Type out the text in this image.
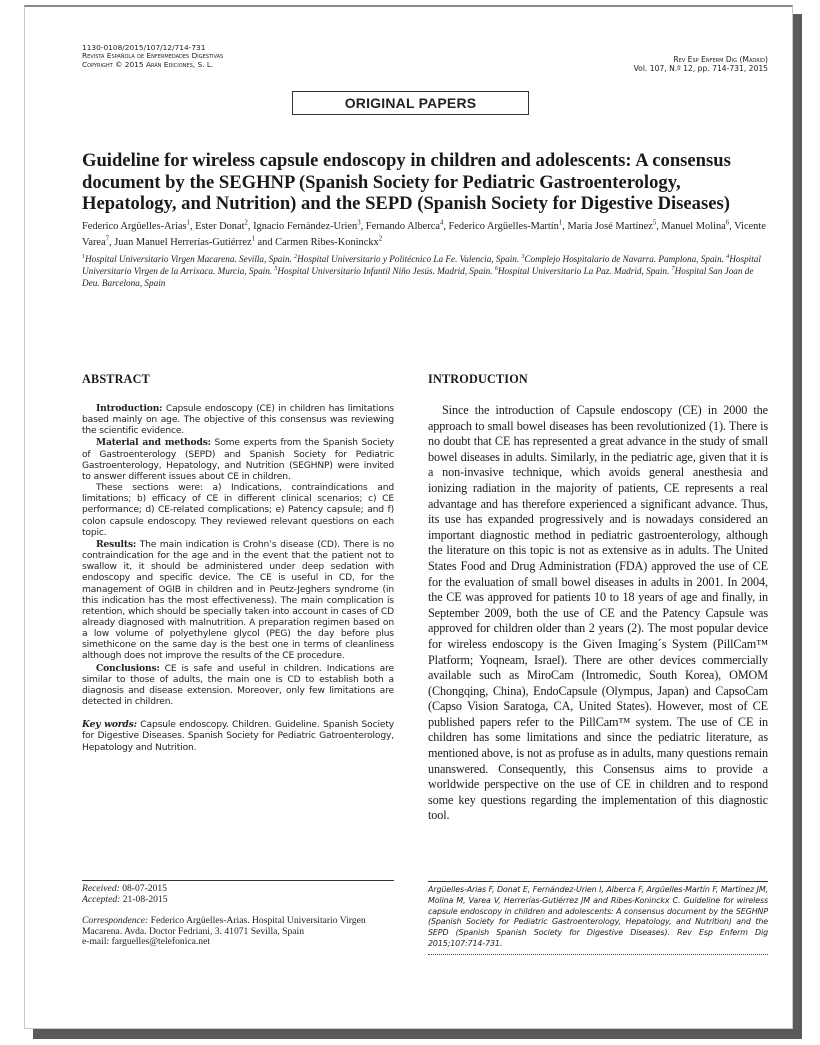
1130-0108/2015/107/12/714-731
Revista Española de Enfermedades Digestivas
Copyright © 2015 Arán Ediciones, S. L.
Rev Esp Enferm Dig (Madrid)
Vol. 107, N.º 12, pp. 714-731, 2015
ORIGINAL PAPERS
Guideline for wireless capsule endoscopy in children and adolescents: A consensus document by the SEGHNP (Spanish Society for Pediatric Gastroenterology, Hepatology, and Nutrition) and the SEPD (Spanish Society for Digestive Diseases)
Federico Argüelles-Arias$^1$, Ester Donat$^2$, Ignacio Fernández-Urien$^3$, Fernando Alberca$^4$, Federico Argüelles-Martín$^1$, María José Martínez$^5$, Manuel Molina$^6$, Vicente Varea$^7$, Juan Manuel Herrerías-Gutiérrez$^1$ and Carmen Ribes-Koninckx$^2$
$^1$Hospital Universitario Virgen Macarena. Sevilla, Spain. $^2$Hospital Universitario y Politécnico La Fe. Valencia, Spain. $^3$Complejo Hospitalario de Navarra. Pamplona, Spain. $^4$Hospital Universitario Virgen de la Arrixaca. Murcia, Spain. $^5$Hospital Universitario Infantil Niño Jesús. Madrid, Spain. $^6$Hospital Universitario La Paz. Madrid, Spain. $^7$Hospital San Joan de Deu. Barcelona, Spain
ABSTRACT

Introduction: Capsule endoscopy (CE) in children has limitations based mainly on age. The objective of this consensus was reviewing the scientific evidence.

Material and methods: Some experts from the Spanish Society of Gastroenterology (SEPD) and Spanish Society for Pediatric Gastroenterology, Hepatology, and Nutrition (SEGHNP) were invited to answer different issues about CE in children.

These sections were: a) Indications, contraindications and limitations; b) efficacy of CE in different clinical scenarios; c) CE performance; d) CE-related complications; e) Patency capsule; and f) colon capsule endoscopy. They reviewed relevant questions on each topic.

Results: The main indication is Crohn’s disease (CD). There is no contraindication for the age and in the event that the patient not to swallow it, it should be administered under deep sedation with endoscopy and specific device. The CE is useful in CD, for the management of OGIB in children and in Peutz-Jeghers syndrome (in this indication has the most effectiveness). The main complication is retention, which should be specially taken into account in cases of CD already diagnosed with malnutrition. A preparation regimen based on a low volume of polyethylene glycol (PEG) the day before plus simethicone on the same day is the best one in terms of cleanliness although does not improve the results of the CE procedure.

Conclusions: CE is safe and useful in children. Indications are similar to those of adults, the main one is CD to establish both a diagnosis and disease extension. Moreover, only few limitations are detected in children.

Key words: Capsule endoscopy. Children. Guideline. Spanish Society for Digestive Diseases. Spanish Society for Pediatric Gatroenterology, Hepatology and Nutrition.

INTRODUCTION

Since the introduction of Capsule endoscopy (CE) in 2000 the approach to small bowel diseases has been revolutionized (1). There is no doubt that CE has represented a great advance in the study of small bowel diseases in adults. Similarly, in the pediatric age, given that it is a non-invasive technique, which avoids general anesthesia and ionizing radiation in the majority of patients, CE represents a real advantage and has therefore experienced a significant advance. Thus, its use has expanded progressively and is nowadays considered an important diagnostic method in pediatric gastroenterology, although the literature on this topic is not as extensive as in adults. The United States Food and Drug Administration (FDA) approved the use of CE for the evaluation of small bowel diseases in adults in 2001. In 2004, the CE was approved for patients 10 to 18 years of age and finally, in September 2009, both the use of CE and the Patency Capsule was approved for children older than 2 years (2). The most popular device for wireless endoscopy is the Given Imaging´s System (PillCam™ Platform; Yoqneam, Israel). There are other devices commercially available such as MiroCam (Intromedic, South Korea), OMOM (Chongqing, China), EndoCapsule (Olympus, Japan) and CapsoCam (Capso Vision Saratoga, CA, United States). However, most of CE published papers refer to the PillCam™ system. The use of CE in children has some limitations and since the pediatric literature, as mentioned above, is not as profuse as in adults, many questions remain unanswered. Consequently, this Consensus aims to provide a worldwide perspective on the use of CE in children and to respond some key questions regarding the implementation of this diagnostic tool.

Received: 08-07-2015
Accepted: 21-08-2015
Correspondence: Federico Argüelles-Arias. Hospital Universitario Virgen Macarena. Avda. Doctor Fedriani, 3. 41071 Sevilla, Spain
e-mail: farguelles@telefonica.net
Argüelles-Arias F, Donat E, Fernández-Urien I, Alberca F, Argüelles-Martín F, Martínez JM, Molina M, Varea V, Herrerías-Gutiérrez JM and Ribes-Koninckx C. Guideline for wireless capsule endoscopy in children and adolescents: A consensus document by the SEGHNP (Spanish Society for Pediatric Gastroenterology, Hepatology, and Nutrition) and the SEPD (Spanish Spanish Society for Digestive Diseases). Rev Esp Enferm Dig 2015;107:714-731.
